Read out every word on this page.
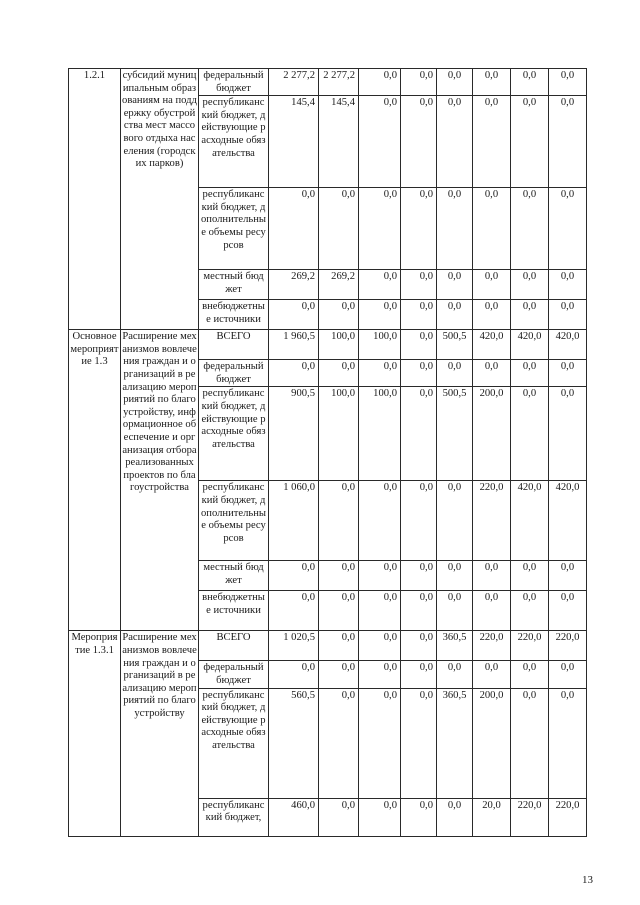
1.2.1	субсидий муниципальным образованиям на поддержку обустройства мест массового отдыха населения (городских парков)	федеральный бюджет	2 277,2	2 277,2	0,0	0,0	0,0	0,0	0,0	0,0
		республиканский бюджет, действующие расходные обязательства	145,4	145,4	0,0	0,0	0,0	0,0	0,0	0,0
		республиканский бюджет, дополнительные объемы ресурсов	0,0	0,0	0,0	0,0	0,0	0,0	0,0	0,0
		местный бюджет	269,2	269,2	0,0	0,0	0,0	0,0	0,0	0,0
		внебюджетные источники	0,0	0,0	0,0	0,0	0,0	0,0	0,0	0,0
Основное мероприятие 1.3	Расширение механизмов вовлечения граждан и организаций в реализацию мероприятий по благоустройству, информационное обеспечение и организация отбора реализованных проектов по благоустройства	ВСЕГО	1 960,5	100,0	100,0	0,0	500,5	420,0	420,0	420,0
		федеральный бюджет	0,0	0,0	0,0	0,0	0,0	0,0	0,0	0,0
		республиканский бюджет, действующие расходные обязательства	900,5	100,0	100,0	0,0	500,5	200,0	0,0	0,0
		республиканский бюджет, дополнительные объемы ресурсов	1 060,0	0,0	0,0	0,0	0,0	220,0	420,0	420,0
		местный бюджет	0,0	0,0	0,0	0,0	0,0	0,0	0,0	0,0
		внебюджетные источники	0,0	0,0	0,0	0,0	0,0	0,0	0,0	0,0
Мероприятие 1.3.1	Расширение механизмов вовлечения граждан и организаций в реализацию мероприятий по благоустройству	ВСЕГО	1 020,5	0,0	0,0	0,0	360,5	220,0	220,0	220,0
		федеральный бюджет	0,0	0,0	0,0	0,0	0,0	0,0	0,0	0,0
		республиканский бюджет, действующие расходные обязательства	560,5	0,0	0,0	0,0	360,5	200,0	0,0	0,0
		республиканский бюджет,	460,0	0,0	0,0	0,0	0,0	20,0	220,0	220,0
13
